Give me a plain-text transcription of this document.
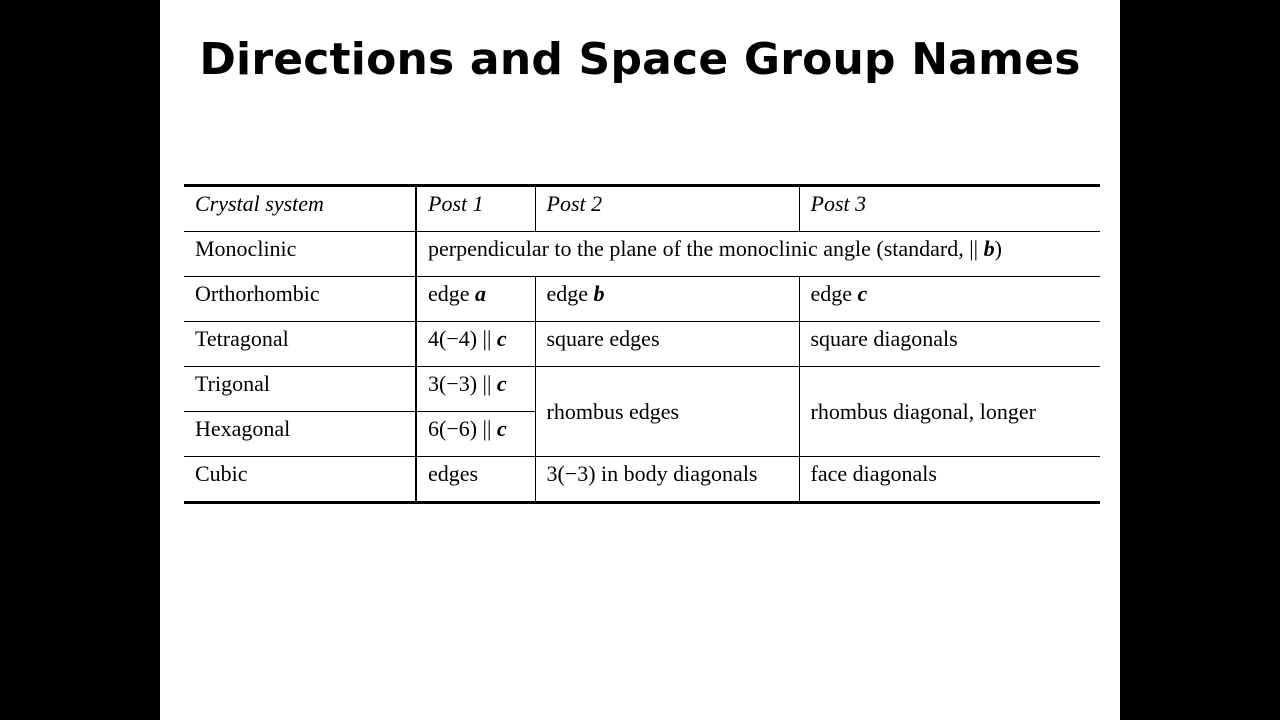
Directions and Space Group Names
Crystal system	Post 1	Post 2	Post 3
Monoclinic	perpendicular to the plane of the monoclinic angle (standard, || b)		
Orthorhombic	edge a	edge b	edge c
Tetragonal	4(−4) || c	square edges	square diagonals
Trigonal	3(−3) || c	rhombus edges	rhombus diagonal, longer
Hexagonal	6(−6) || c		
Cubic	edges	3(−3) in body diagonals	face diagonals
